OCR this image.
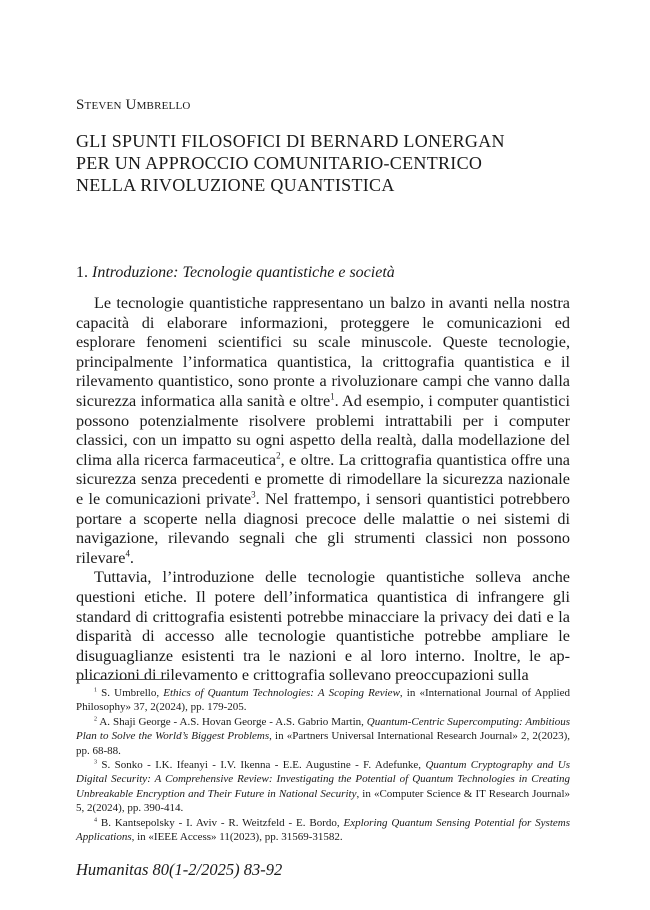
Steven Umbrello
GLI SPUNTI FILOSOFICI DI BERNARD LONERGAN
PER UN APPROCCIO COMUNITARIO-CENTRICO
NELLA RIVOLUZIONE QUANTISTICA
1. Introduzione: Tecnologie quantistiche e società

Le tecnologie quantistiche rappresentano un balzo in avanti nella nostra capacità di elaborare informazioni, proteggere le comunicazioni ed esplorare fenomeni scientifici su scale minuscole. Queste tecnologie, principalmente l’informatica quantistica, la crittografia quantistica e il rilevamento quantistico, sono pronte a rivoluzionare campi che vanno dalla sicurezza informatica alla sanità e oltre$^1$. Ad esempio, i computer quantistici possono potenzialmente risolvere problemi intrattabili per i computer classici, con un impatto su ogni aspetto della realtà, dalla modellazione del clima alla ricerca farmaceutica$^2$, e oltre. La crittografia quantistica offre una sicurezza senza precedenti e promette di rimodellare la sicurezza nazionale e le comunicazioni private$^3$. Nel frattempo, i sensori quantistici potrebbero portare a scoperte nella diagnosi precoce delle malattie o nei sistemi di navigazione, rilevando segnali che gli strumenti classici non possono rilevare$^4$.

Tuttavia, l’introduzione delle tecnologie quantistiche solleva anche questioni etiche. Il potere dell’informatica quantistica di infrangere gli standard di crittografia esistenti potrebbe minacciare la privacy dei dati e la disparità di accesso alle tecnologie quantistiche potrebbe ampliare le disuguaglianze esistenti tra le nazioni e al loro interno. Inoltre, le applicazioni di rilevamento e crittografia sollevano preoccupazioni sulla

$^1$ S. Umbrello, Ethics of Quantum Technologies: A Scoping Review, in «International Journal of Applied Philosophy» 37, 2(2024), pp. 179-205.

$^2$ A. Shaji George - A.S. Hovan George - A.S. Gabrio Martin, Quantum-Centric Supercomputing: Ambitious Plan to Solve the World’s Biggest Problems, in «Partners Universal International Research Journal» 2, 2(2023), pp. 68-88.

$^3$ S. Sonko - I.K. Ifeanyi - I.V. Ikenna - E.E. Augustine - F. Adefunke, Quantum Cryptography and Us Digital Security: A Comprehensive Review: Investigating the Potential of Quantum Technologies in Creating Unbreakable Encryption and Their Future in National Security, in «Computer Science & IT Research Journal» 5, 2(2024), pp. 390-414.

$^4$ B. Kantsepolsky - I. Aviv - R. Weitzfeld - E. Bordo, Exploring Quantum Sensing Potential for Systems Applications, in «IEEE Access» 11(2023), pp. 31569-31582.

Humanitas 80(1-2/2025) 83-92
